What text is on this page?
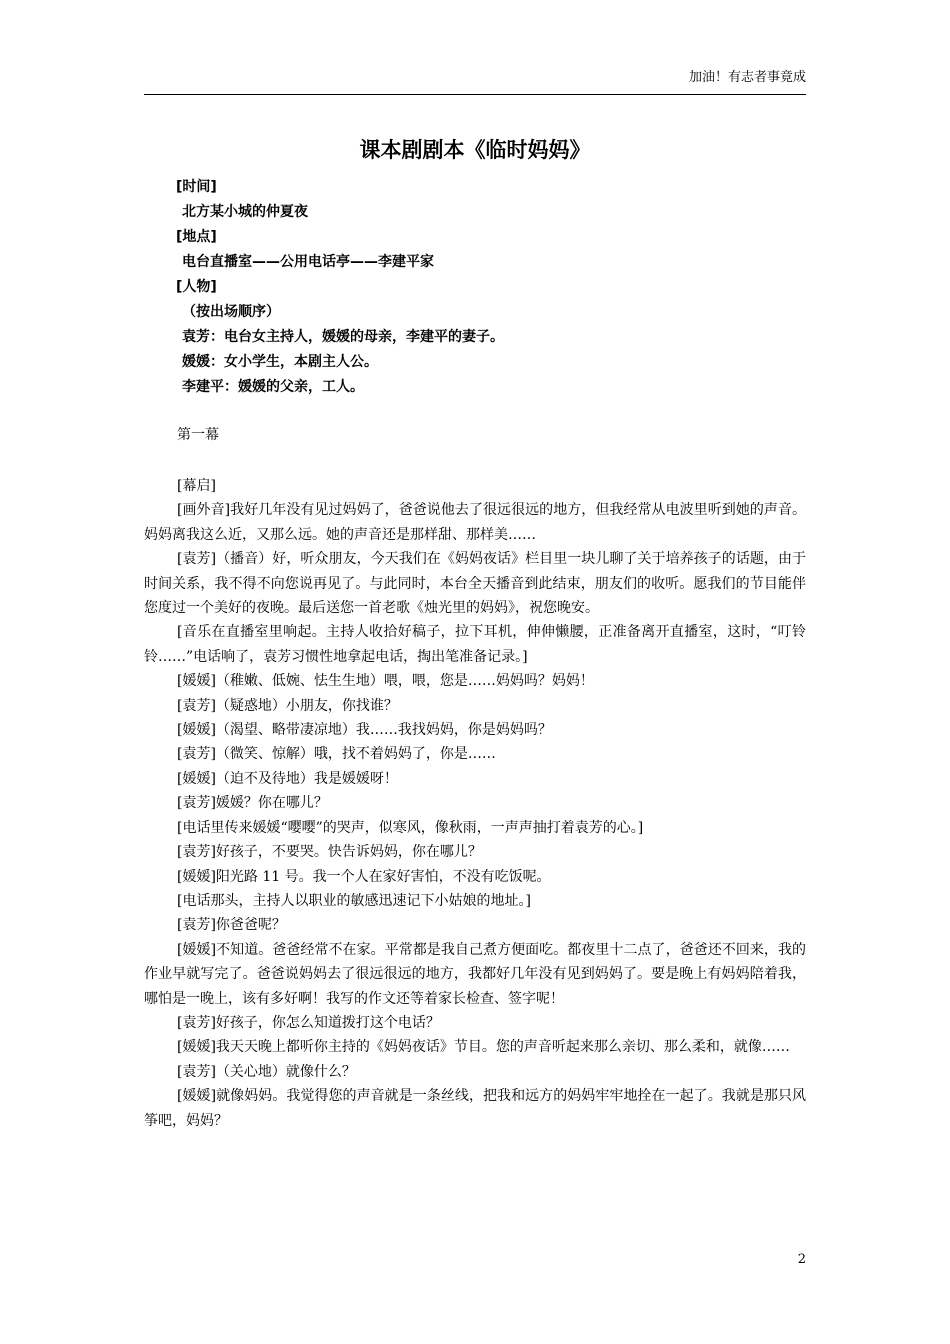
加油！有志者事竟成
课本剧剧本《临时妈妈》
[时间]
北方某小城的仲夏夜
[地点]
电台直播室——公用电话亭——李建平家
[人物]
（按出场顺序）
袁芳：电台女主持人，媛媛的母亲，李建平的妻子。
媛媛：女小学生，本剧主人公。
李建平：媛媛的父亲，工人。
第一幕

[幕启]

[画外音]我好几年没有见过妈妈了，爸爸说他去了很远很远的地方，但我经常从电波里听到她的声音。妈妈离我这么近，又那么远。她的声音还是那样甜、那样美……

[袁芳]（播音）好，听众朋友，今天我们在《妈妈夜话》栏目里一块儿聊了关于培养孩子的话题，由于时间关系，我不得不向您说再见了。与此同时，本台全天播音到此结束，朋友们的收听。愿我们的节目能伴您度过一个美好的夜晚。最后送您一首老歌《烛光里的妈妈》，祝您晚安。

[音乐在直播室里响起。主持人收拾好稿子，拉下耳机，伸伸懒腰，正准备离开直播室，这时，“叮铃铃……”电话响了，袁芳习惯性地拿起电话，掏出笔准备记录。]

[媛媛]（稚嫩、低婉、怯生生地）喂，喂，您是……妈妈吗？妈妈！

[袁芳]（疑惑地）小朋友，你找谁？

[媛媛]（渴望、略带凄凉地）我……我找妈妈，你是妈妈吗？

[袁芳]（微笑、惊解）哦，找不着妈妈了，你是……

[媛媛]（迫不及待地）我是媛媛呀！

[袁芳]媛媛？你在哪儿？

[电话里传来媛媛“嘤嘤”的哭声，似寒风，像秋雨，一声声抽打着袁芳的心。]

[袁芳]好孩子，不要哭。快告诉妈妈，你在哪儿？

[媛媛]阳光路 11 号。我一个人在家好害怕，不没有吃饭呢。

[电话那头，主持人以职业的敏感迅速记下小姑娘的地址。]

[袁芳]你爸爸呢？

[媛媛]不知道。爸爸经常不在家。平常都是我自己煮方便面吃。都夜里十二点了，爸爸还不回来，我的作业早就写完了。爸爸说妈妈去了很远很远的地方，我都好几年没有见到妈妈了。要是晚上有妈妈陪着我，哪怕是一晚上，该有多好啊！我写的作文还等着家长检查、签字呢！

[袁芳]好孩子，你怎么知道拨打这个电话？

[媛媛]我天天晚上都听你主持的《妈妈夜话》节目。您的声音听起来那么亲切、那么柔和，就像……

[袁芳]（关心地）就像什么？

[媛媛]就像妈妈。我觉得您的声音就是一条丝线，把我和远方的妈妈牢牢地拴在一起了。我就是那只风筝吧，妈妈？

2
